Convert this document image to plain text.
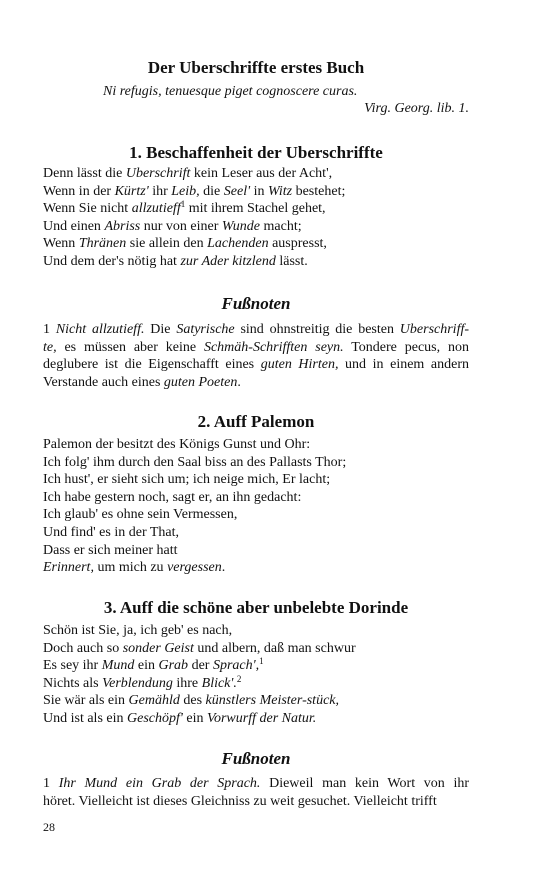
Der Uberschriffte erstes Buch
Ni refugis, tenuesque piget cognoscere curas.
Virg. Georg. lib. 1.
1. Beschaffenheit der Uberschriffte
Denn lässt die Uberschrift kein Leser aus der Acht',
Wenn in der Kürtz' ihr Leib, die Seel' in Witz bestehet;
Wenn Sie nicht allzutieff$^1$ mit ihrem Stachel gehet,
Und einen Abriss nur von einer Wunde macht;
Wenn Thränen sie allein den Lachenden auspresst,
Und dem der's nötig hat zur Ader kitzlend lässt.
Fußnoten
1 Nicht allzutieff. Die Satyrische sind ohnstreitig die besten Uberschriff-
te, es müssen aber keine Schmäh-Schrifften seyn. Tondere pecus, non
deglubere ist die Eigenschafft eines guten Hirten, und in einem andern
Verstande auch eines guten Poeten.
2. Auff Palemon
Palemon der besitzt des Königs Gunst und Ohr:
Ich folg' ihm durch den Saal biss an des Pallasts Thor;
Ich hust', er sieht sich um; ich neige mich, Er lacht;
Ich habe gestern noch, sagt er, an ihn gedacht:
Ich glaub' es ohne sein Vermessen,
Und find' es in der That,
Dass er sich meiner hatt
Erinnert, um mich zu vergessen.
3. Auff die schöne aber unbelebte Dorinde
Schön ist Sie, ja, ich geb' es nach,
Doch auch so sonder Geist und albern, daß man schwur
Es sey ihr Mund ein Grab der Sprach',$^1$
Nichts als Verblendung ihre Blick'.$^2$
Sie wär als ein Gemähld des künstlers Meister-stück,
Und ist als ein Geschöpf' ein Vorwurff der Natur.
Fußnoten
1 Ihr Mund ein Grab der Sprach. Dieweil man kein Wort von ihr
höret. Vielleicht ist dieses Gleichniss zu weit gesuchet. Vielleicht trifft
28
